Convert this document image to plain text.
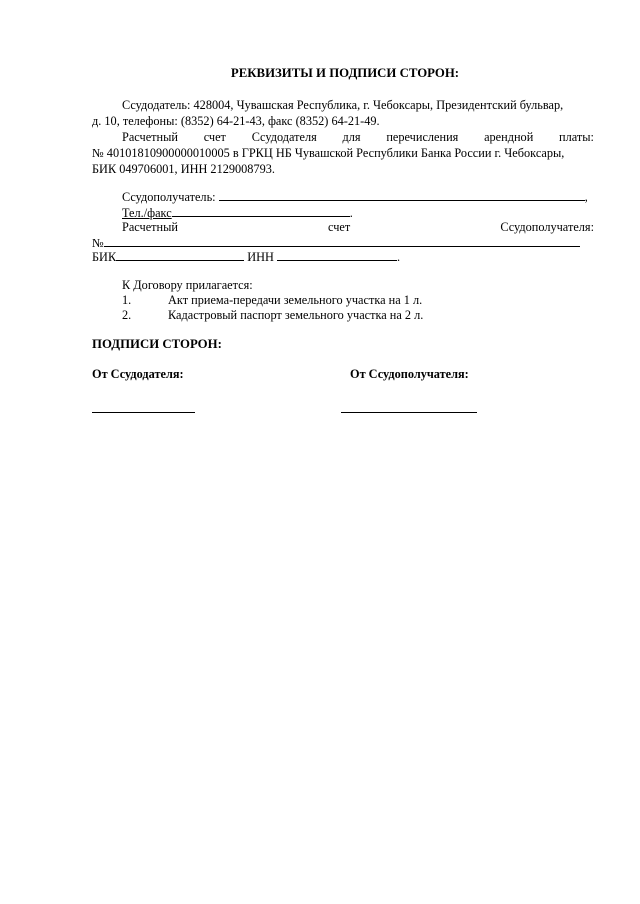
РЕКВИЗИТЫ И ПОДПИСИ СТОРОН:
Ссудодатель: 428004, Чувашская Республика, г. Чебоксары, Президентский бульвар,
д. 10, телефоны: (8352) 64-21-43, факс (8352) 64-21-49.
Расчетный счет Ссудодателя для перечисления арендной платы:
№ 40101810900000010005 в ГРКЦ НБ Чувашской Республики Банка России г. Чебоксары,
БИК 049706001, ИНН 2129008793.
Ссудополучатель:	,
Тел./факс	.
Расчетный	счет	Ссудополучателя:
№
БИК	ИНН	.
К Договору прилагается:
1.	Акт приема-передачи земельного участка на 1 л.
2.	Кадастровый паспорт земельного участка на 2 л.
ПОДПИСИ СТОРОН:
От Ссудодателя:	От Ссудополучателя:
